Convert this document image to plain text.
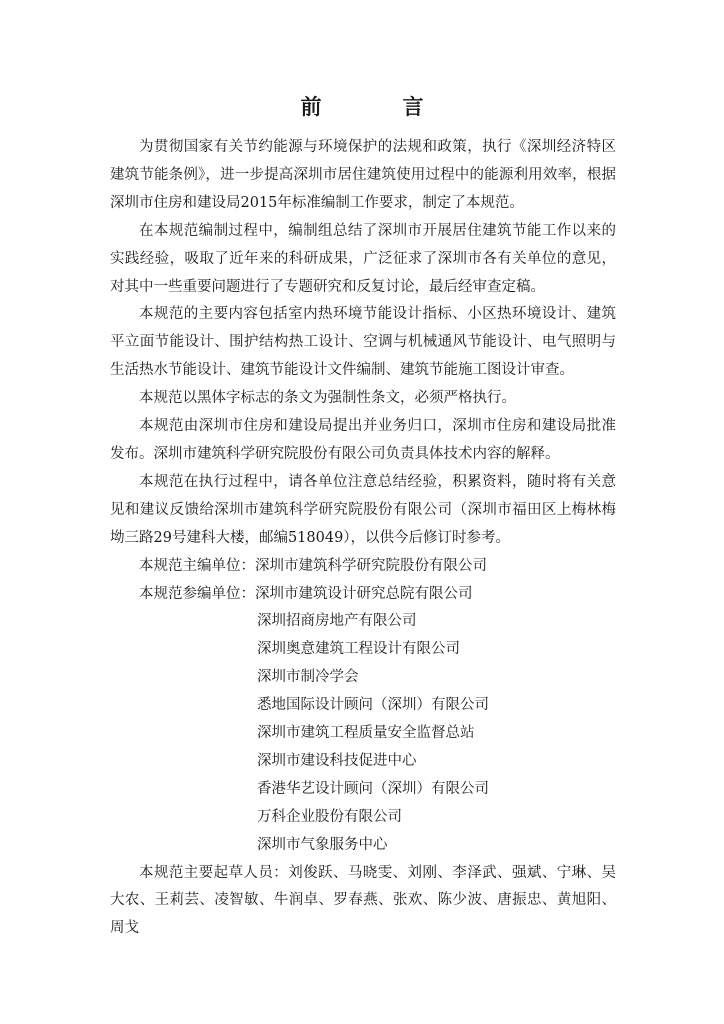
前　言

为贯彻国家有关节约能源与环境保护的法规和政策，执行《深圳经济特区建筑节能条例》，进一步提高深圳市居住建筑使用过程中的能源利用效率，根据深圳市住房和建设局2015年标准编制工作要求，制定了本规范。

在本规范编制过程中，编制组总结了深圳市开展居住建筑节能工作以来的实践经验，吸取了近年来的科研成果，广泛征求了深圳市各有关单位的意见，对其中一些重要问题进行了专题研究和反复讨论，最后经审查定稿。

本规范的主要内容包括室内热环境节能设计指标、小区热环境设计、建筑平立面节能设计、围护结构热工设计、空调与机械通风节能设计、电气照明与生活热水节能设计、建筑节能设计文件编制、建筑节能施工图设计审查。

本规范以黑体字标志的条文为强制性条文，必须严格执行。

本规范由深圳市住房和建设局提出并业务归口，深圳市住房和建设局批准发布。深圳市建筑科学研究院股份有限公司负责具体技术内容的解释。

本规范在执行过程中，请各单位注意总结经验，积累资料，随时将有关意见和建议反馈给深圳市建筑科学研究院股份有限公司（深圳市福田区上梅林梅坳三路29号建科大楼，邮编518049），以供今后修订时参考。

本规范主编单位：深圳市建筑科学研究院股份有限公司

本规范参编单位：深圳市建筑设计研究总院有限公司

深圳招商房地产有限公司

深圳奥意建筑工程设计有限公司

深圳市制冷学会

悉地国际设计顾问（深圳）有限公司

深圳市建筑工程质量安全监督总站

深圳市建设科技促进中心

香港华艺设计顾问（深圳）有限公司

万科企业股份有限公司

深圳市气象服务中心

本规范主要起草人员：刘俊跃、马晓雯、刘刚、李泽武、强斌、宁琳、吴大农、王莉芸、凌智敏、牛润卓、罗春燕、张欢、陈少波、唐振忠、黄旭阳、周戈
